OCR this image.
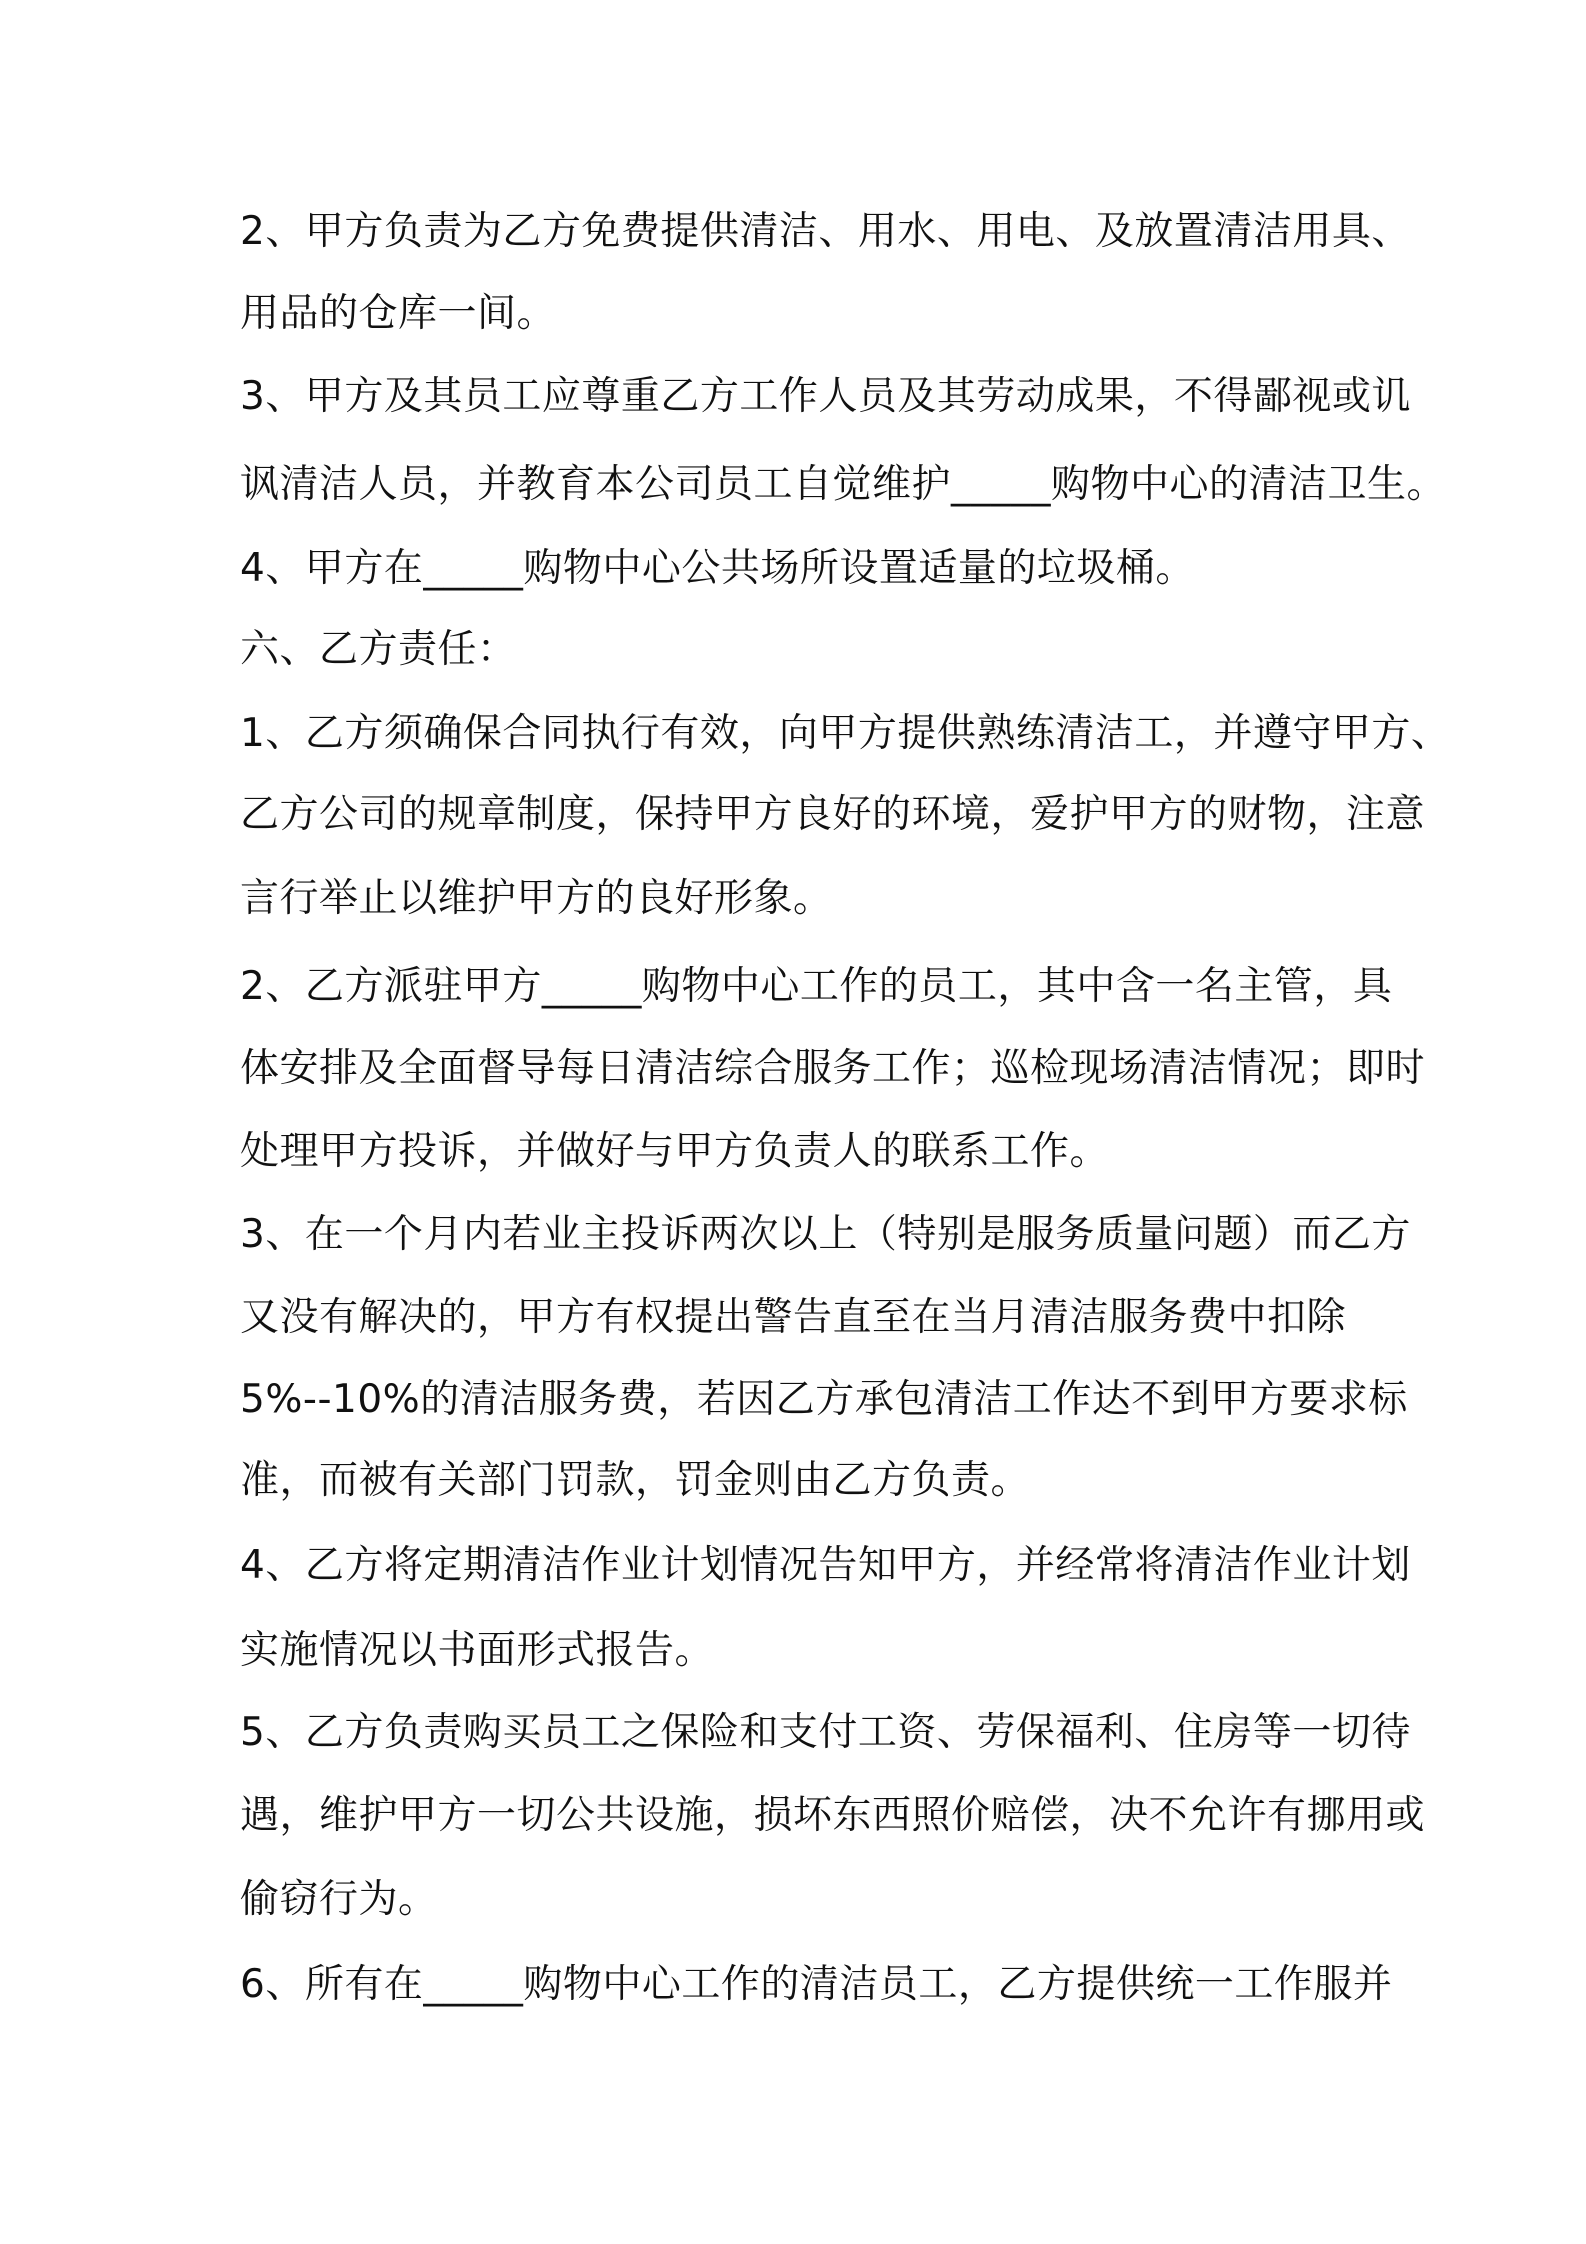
2、甲方负责为乙方免费提供清洁、用水、用电、及放置清洁用具、
用品的仓库一间。
3、甲方及其员工应尊重乙方工作人员及其劳动成果，不得鄙视或讥
讽清洁人员，并教育本公司员工自觉维护_____购物中心的清洁卫生。
4、甲方在_____购物中心公共场所设置适量的垃圾桶。
六、乙方责任：
1、乙方须确保合同执行有效，向甲方提供熟练清洁工，并遵守甲方、
乙方公司的规章制度，保持甲方良好的环境，爱护甲方的财物，注意
言行举止以维护甲方的良好形象。
2、乙方派驻甲方_____购物中心工作的员工，其中含一名主管，具
体安排及全面督导每日清洁综合服务工作；巡检现场清洁情况；即时
处理甲方投诉，并做好与甲方负责人的联系工作。
3、在一个月内若业主投诉两次以上（特别是服务质量问题）而乙方
又没有解决的，甲方有权提出警告直至在当月清洁服务费中扣除
5%--10%的清洁服务费，若因乙方承包清洁工作达不到甲方要求标
准，而被有关部门罚款，罚金则由乙方负责。
4、乙方将定期清洁作业计划情况告知甲方，并经常将清洁作业计划
实施情况以书面形式报告。
5、乙方负责购买员工之保险和支付工资、劳保福利、住房等一切待
遇，维护甲方一切公共设施，损坏东西照价赔偿，决不允许有挪用或
偷窃行为。
6、所有在_____购物中心工作的清洁员工，乙方提供统一工作服并
